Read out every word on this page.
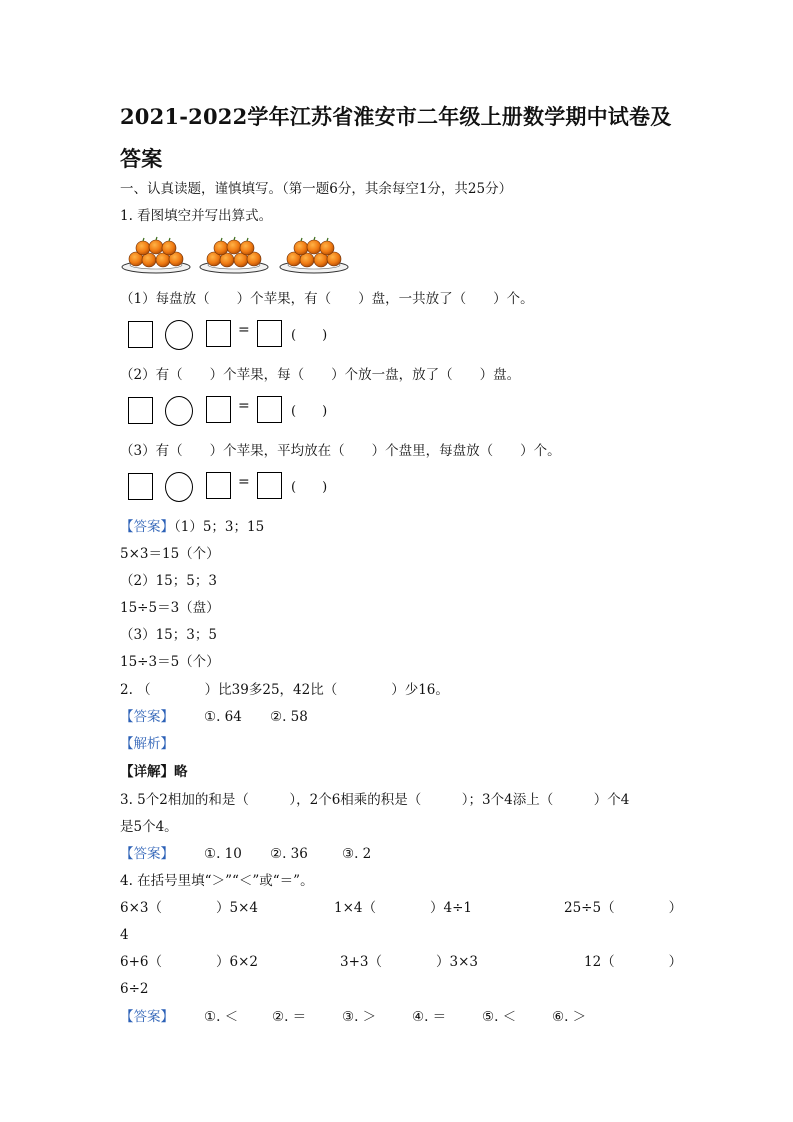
2021-2022学年江苏省淮安市二年级上册数学期中试卷及答案
一、认真读题，谨慎填写。（第一题6分，其余每空1分，共25分）
1. 看图填空并写出算式。
（1）每盘放（　　）个苹果，有（　　）盘，一共放了（　　）个。
=	(　　)
（2）有（　　）个苹果，每（　　）个放一盘，放了（　　）盘。
=	(　　)
（3）有（　　）个苹果，平均放在（　　）个盘里，每盘放（　　）个。
=	(　　)
【答案】（1）5；3；15
5×3＝15（个）
（2）15；5；3
15÷5＝3（盘）
（3）15；3；5
15÷3＝5（个）
2. （　　　　）比39多25，42比（　　　　）少16。
【答案】 ①. 64 ②. 58
【解析】
【详解】略
3. 5个2相加的和是（　　　），2个6相乘的积是（　　　）；3个4添上（　　　）个4
是5个4。
【答案】 ①. 10 ②. 36	③. 2
4. 在括号里填“＞”“＜”或“＝”。
6×3（　　　　）5×4	1×4（　　　　）4÷1	25÷5（　　　　）
4
6+6（　　　　）6×2	3+3（　　　　）3×3	12（　　　　）
6÷2
【答案】 ①. ＜	②. ＝	③. ＞	④. ＝	⑤. ＜	⑥. ＞
